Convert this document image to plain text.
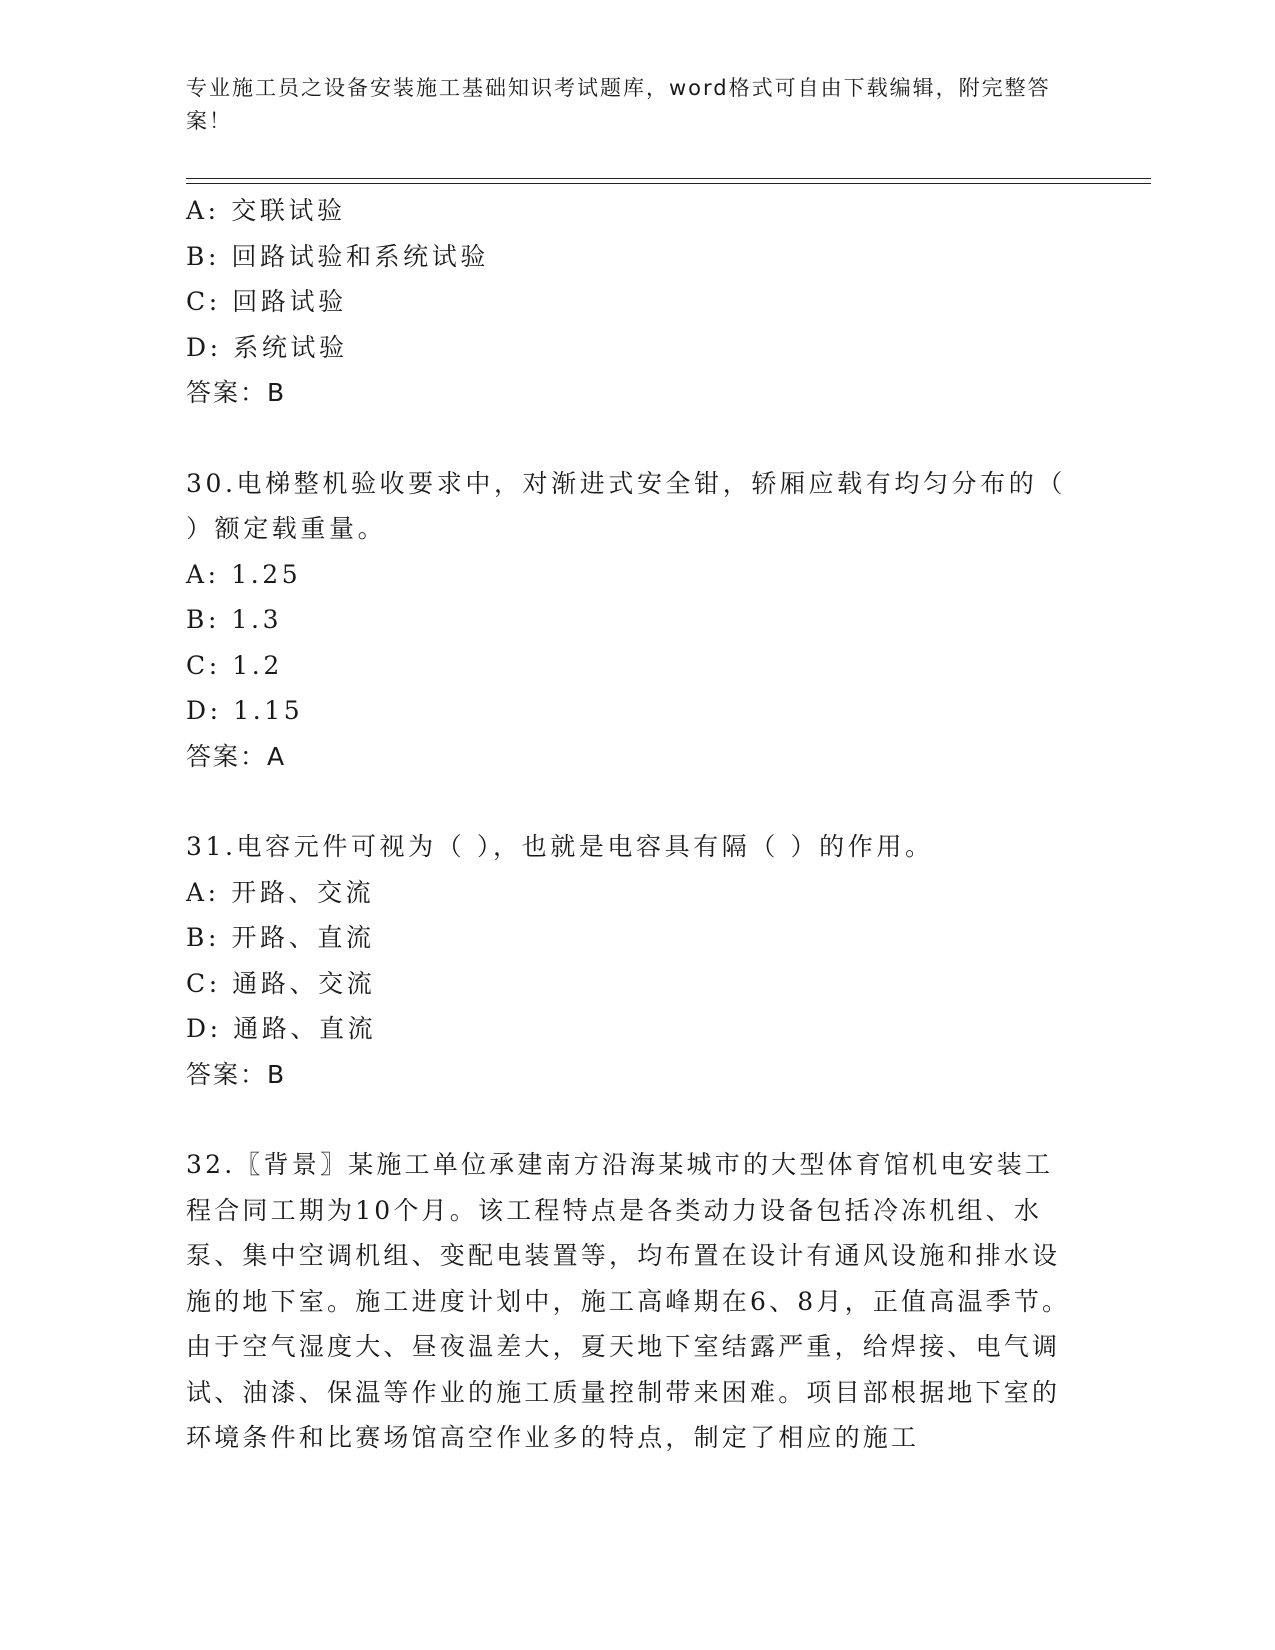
专业施工员之设备安装施工基础知识考试题库，word格式可自由下载编辑，附完整答案！
A: 交联试验
B: 回路试验和系统试验
C: 回路试验
D: 系统试验
答案：B
30.电梯整机验收要求中，对渐进式安全钳，轿厢应载有均匀分布的（ ）额定载重量。
A: 1.25
B: 1.3
C: 1.2
D: 1.15
答案：A
31.电容元件可视为（ ），也就是电容具有隔（ ）的作用。
A: 开路、交流
B: 开路、直流
C: 通路、交流
D: 通路、直流
答案：B
32.〖背景〗某施工单位承建南方沿海某城市的大型体育馆机电安装工程合同工期为10个月。该工程特点是各类动力设备包括冷冻机组、水泵、集中空调机组、变配电装置等，均布置在设计有通风设施和排水设施的地下室。施工进度计划中，施工高峰期在6、8月，正值高温季节。由于空气湿度大、昼夜温差大，夏天地下室结露严重，给焊接、电气调试、油漆、保温等作业的施工质量控制带来困难。项目部根据地下室的环境条件和比赛场馆高空作业多的特点，制定了相应的施工
